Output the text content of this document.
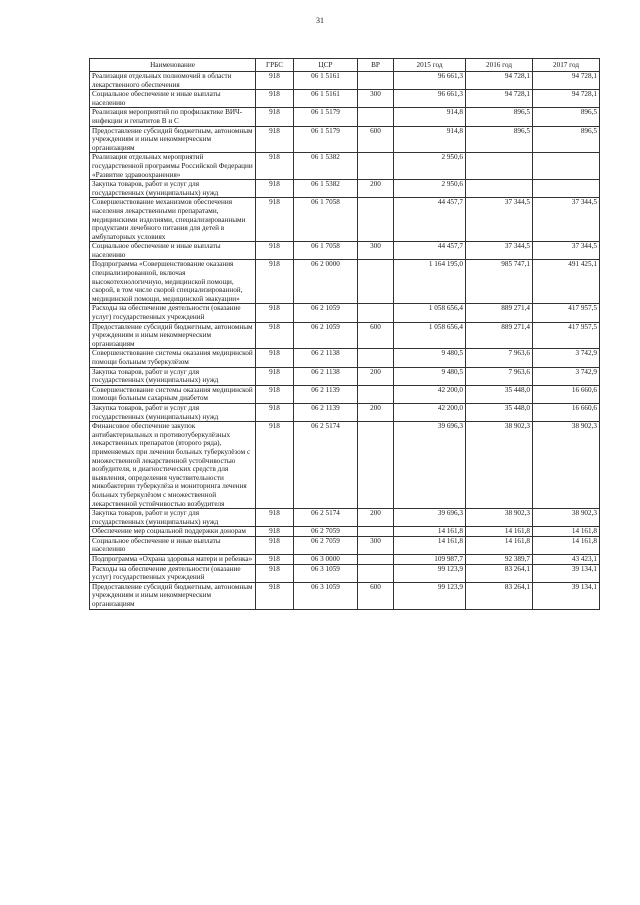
31
Наименование	ГРБС	ЦСР	ВР	2015 год	2016 год	2017 год
Реализация отдельных полномочий в области лекарственного обеспечения	918	06 1 5161		96 661,3	94 728,1	94 728,1
Социальное обеспечение и иные выплаты населению	918	06 1 5161	300	96 661,3	94 728,1	94 728,1
Реализация мероприятий по профилактике ВИЧ-инфекции и гепатитов В и С	918	06 1 5179		914,8	896,5	896,5
Предоставление субсидий бюджетным, автономным учреждениям и иным некоммерческим организациям	918	06 1 5179	600	914,8	896,5	896,5
Реализация отдельных мероприятий государственной программы Российской Федерации «Развитие здравоохранения»	918	06 1 5382		2 950,6		
Закупка товаров, работ и услуг для государственных (муниципальных) нужд	918	06 1 5382	200	2 950,6		
Совершенствование механизмов обеспечения населения лекарственными препаратами, медицинскими изделиями, специализированными продуктами лечебного питания для детей в амбулаторных условиях	918	06 1 7058		44 457,7	37 344,5	37 344,5
Социальное обеспечение и иные выплаты населению	918	06 1 7058	300	44 457,7	37 344,5	37 344,5
Подпрограмма «Совершенствование оказания специализированной, включая высокотехнологичную, медицинской помощи, скорой, в том числе скорой специализированной, медицинской помощи, медицинской эвакуации»	918	06 2 0000		1 164 195,0	985 747,1	491 425,1
Расходы на обеспечение деятельности (оказание услуг) государственных учреждений	918	06 2 1059		1 058 656,4	889 271,4	417 957,5
Предоставление субсидий бюджетным, автономным учреждениям и иным некоммерческим организациям	918	06 2 1059	600	1 058 656,4	889 271,4	417 957,5
Совершенствование системы оказания медицинской помощи больным туберкулёзом	918	06 2 1138		9 480,5	7 963,6	3 742,9
Закупка товаров, работ и услуг для государственных (муниципальных) нужд	918	06 2 1138	200	9 480,5	7 963,6	3 742,9
Совершенствование системы оказания медицинской помощи больным сахарным диабетом	918	06 2 1139		42 200,0	35 448,0	16 660,6
Закупка товаров, работ и услуг для государственных (муниципальных) нужд	918	06 2 1139	200	42 200,0	35 448,0	16 660,6
Финансовое обеспечение закупок антибактериальных и противотуберкулёзных лекарственных препаратов (второго ряда), применяемых при лечении больных туберкулёзом с множественной лекарственной устойчивостью возбудителя, и диагностических средств для выявления, определения чувствительности микобактерии туберкулёза и мониторинга лечения больных туберкулёзом с множественной лекарственной устойчивостью возбудителя	918	06 2 5174		39 696,3	38 902,3	38 902,3
Закупка товаров, работ и услуг для государственных (муниципальных) нужд	918	06 2 5174	200	39 696,3	38 902,3	38 902,3
Обеспечение мер социальной поддержки донорам	918	06 2 7059		14 161,8	14 161,8	14 161,8
Социальное обеспечение и иные выплаты населению	918	06 2 7059	300	14 161,8	14 161,8	14 161,8
Подпрограмма «Охрана здоровья матери и ребенка»	918	06 3 0000		109 987,7	92 389,7	43 423,1
Расходы на обеспечение деятельности (оказание услуг) государственных учреждений	918	06 3 1059		99 123,9	83 264,1	39 134,1
Предоставление субсидий бюджетным, автономным учреждениям и иным некоммерческим организациям	918	06 3 1059	600	99 123,9	83 264,1	39 134,1
